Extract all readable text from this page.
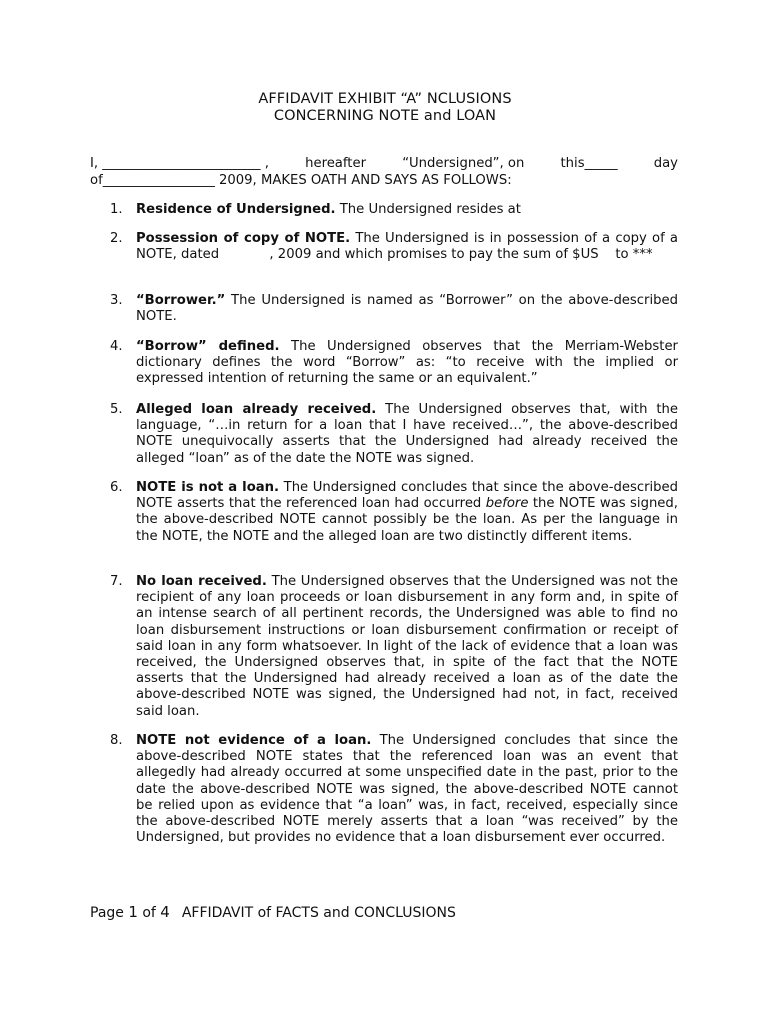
AFFIDAVIT EXHIBIT “A” NCLUSIONS
CONCERNING NOTE and LOAN
I, ________________________ ,	hereafter	“Undersigned”, on	this_____	day
of_________________ 2009, MAKES OATH AND SAYS AS FOLLOWS:
1.	Residence of Undersigned. The Undersigned resides at
2.	Possession of copy of NOTE. The Undersigned is in possession of a copy of a NOTE, dated            , 2009 and which promises to pay the sum of $US    to ***
3.	“Borrower.” The Undersigned is named as “Borrower” on the above-described NOTE.
4.	“Borrow” defined. The Undersigned observes that the Merriam-Webster dictionary defines the word “Borrow” as: “to receive with the implied or expressed intention of returning the same or an equivalent.”
5.	Alleged loan already received. The Undersigned observes that, with the language, “…in return for a loan that I have received…”, the above-described NOTE unequivocally asserts that the Undersigned had already received the alleged “loan” as of the date the NOTE was signed.
6.	NOTE is not a loan. The Undersigned concludes that since the above-described NOTE asserts that the referenced loan had occurred before the NOTE was signed, the above-described NOTE cannot possibly be the loan. As per the language in the NOTE, the NOTE and the alleged loan are two distinctly different items.
7.	No loan received. The Undersigned observes that the Undersigned was not the recipient of any loan proceeds or loan disbursement in any form and, in spite of an intense search of all pertinent records, the Undersigned was able to find no loan disbursement instructions or loan disbursement confirmation or receipt of said loan in any form whatsoever. In light of the lack of evidence that a loan was received, the Undersigned observes that, in spite of the fact that the NOTE asserts that the Undersigned had already received a loan as of the date the above-described NOTE was signed, the Undersigned had not, in fact, received said loan.
8.	NOTE not evidence of a loan. The Undersigned concludes that since the above-described NOTE states that the referenced loan was an event that allegedly had already occurred at some unspecified date in the past, prior to the date the above-described NOTE was signed, the above-described NOTE cannot be relied upon as evidence that “a loan” was, in fact, received, especially since the above-described NOTE merely asserts that a loan “was received” by the Undersigned, but provides no evidence that a loan disbursement ever occurred.
Page 1 of 4 AFFIDAVIT of FACTS and CONCLUSIONS
